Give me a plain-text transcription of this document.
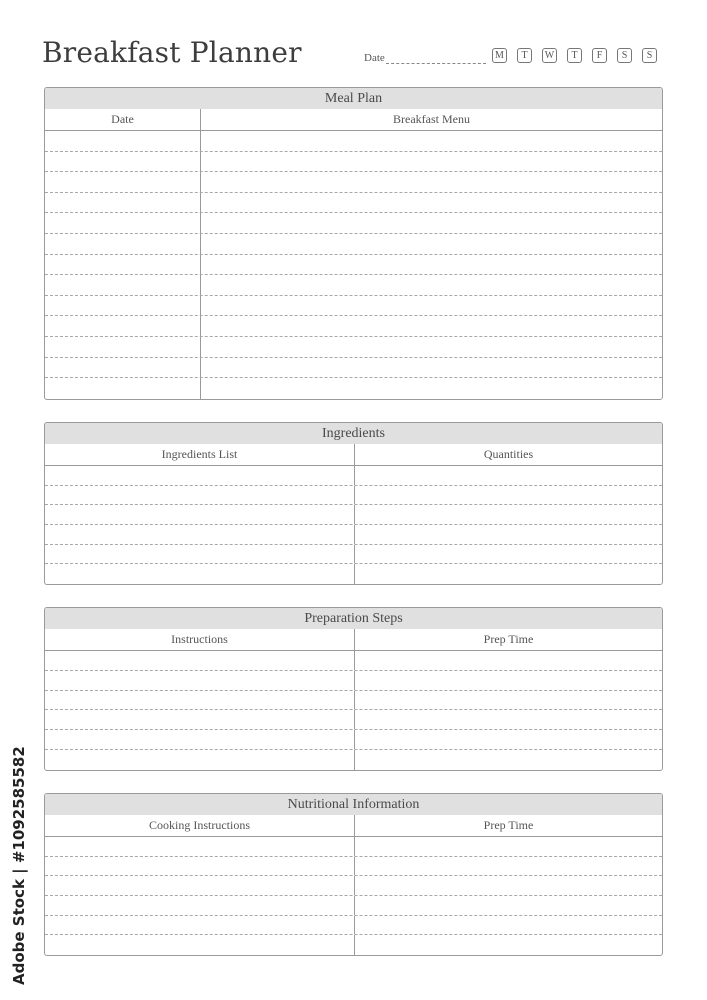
Breakfast Planner	Date	M	T	W	T	F	S	S
Meal Plan
Date	Breakfast Menu
Ingredients
Ingredients List	Quantities
Preparation Steps
Instructions	Prep Time
Nutritional Information
Cooking Instructions	Prep Time
Adobe Stock | #1092585582
